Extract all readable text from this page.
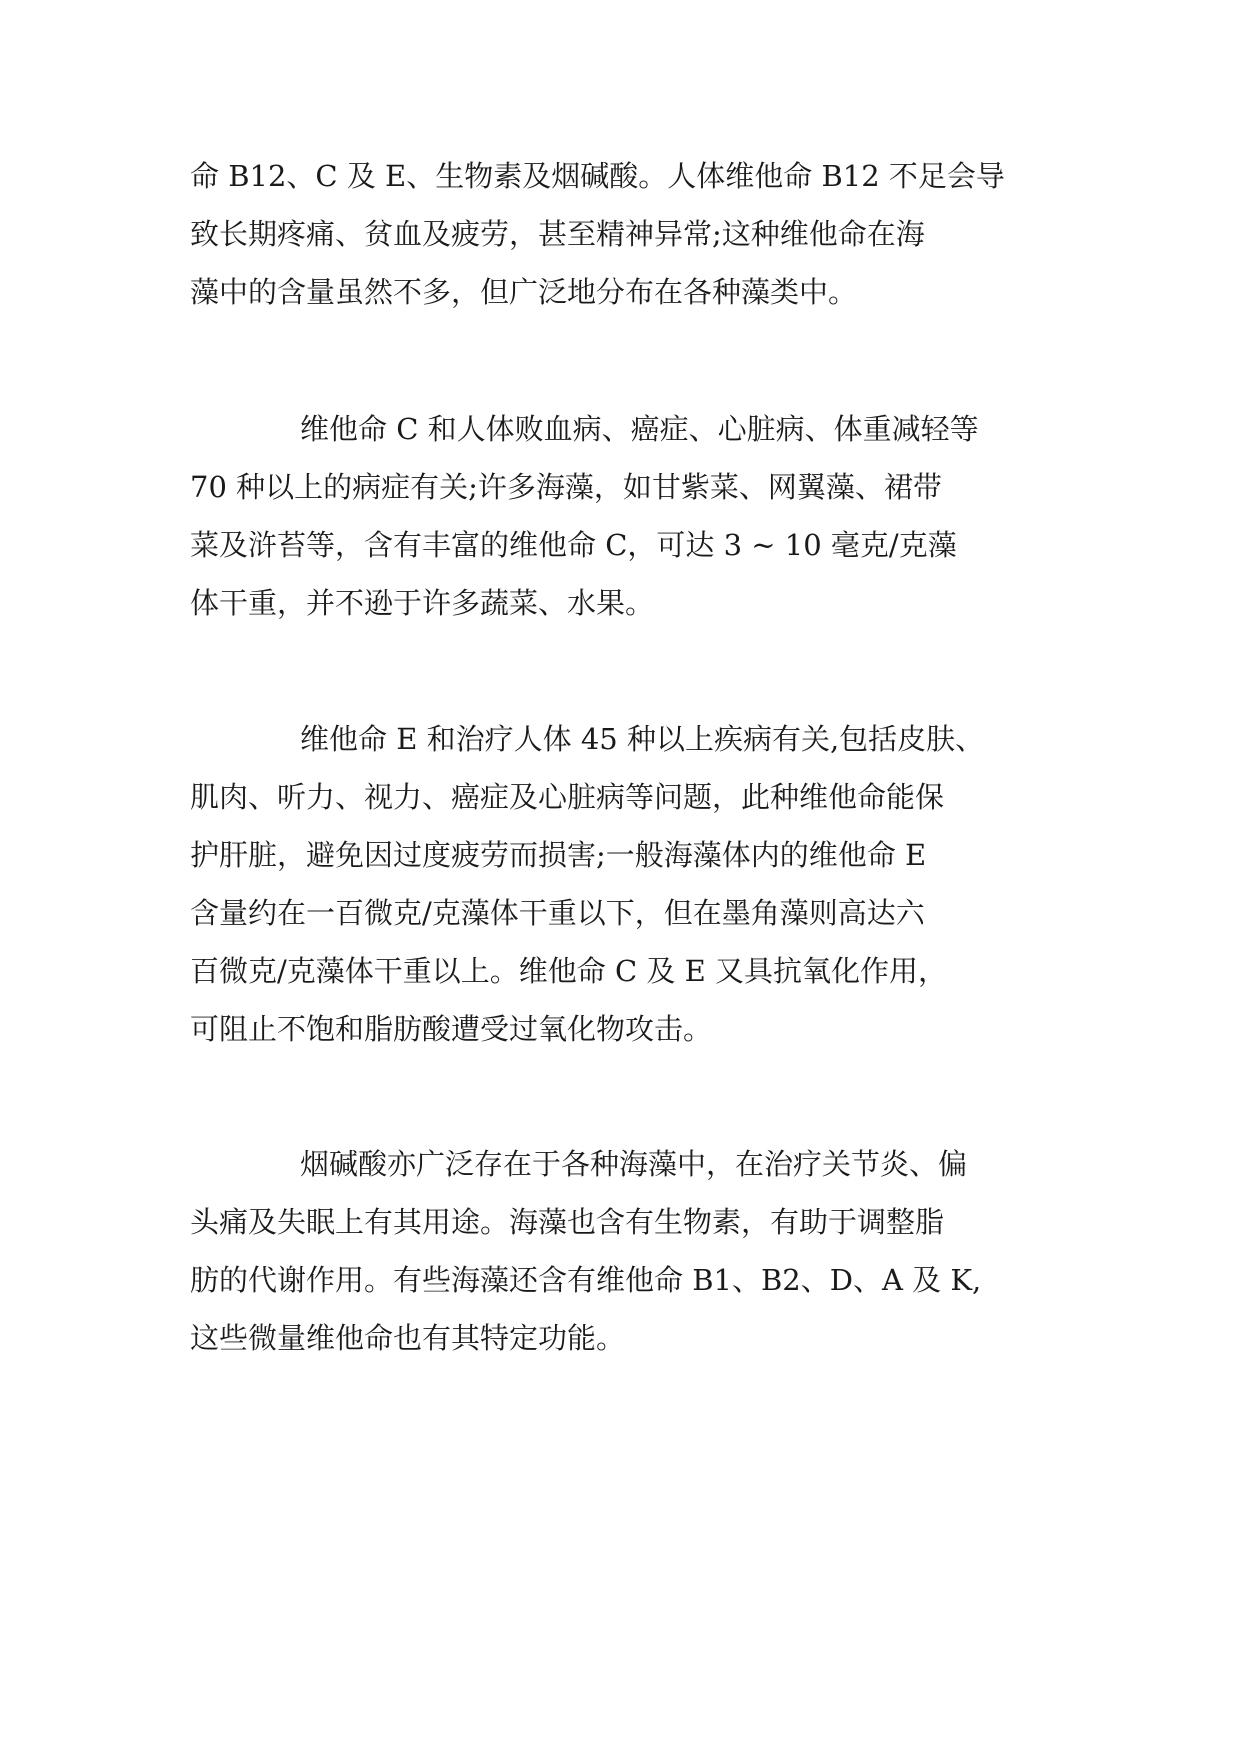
命 B12、C 及 E、生物素及烟碱酸。人体维他命 B12 不足会导
致长期疼痛、贫血及疲劳，甚至精神异常;这种维他命在海
藻中的含量虽然不多，但广泛地分布在各种藻类中。
维他命 C 和人体败血病、癌症、心脏病、体重减轻等
70 种以上的病症有关;许多海藻，如甘紫菜、网翼藻、裙带
菜及浒苔等，含有丰富的维他命 C，可达 3 ~ 10 毫克/克藻
体干重，并不逊于许多蔬菜、水果。
维他命 E 和治疗人体 45 种以上疾病有关,包括皮肤、
肌肉、听力、视力、癌症及心脏病等问题，此种维他命能保
护肝脏，避免因过度疲劳而损害;一般海藻体内的维他命 E
含量约在一百微克/克藻体干重以下，但在墨角藻则高达六
百微克/克藻体干重以上。维他命 C 及 E 又具抗氧化作用，
可阻止不饱和脂肪酸遭受过氧化物攻击。
烟碱酸亦广泛存在于各种海藻中，在治疗关节炎、偏
头痛及失眠上有其用途。海藻也含有生物素，有助于调整脂
肪的代谢作用。有些海藻还含有维他命 B1、B2、D、A 及 K,
这些微量维他命也有其特定功能。
